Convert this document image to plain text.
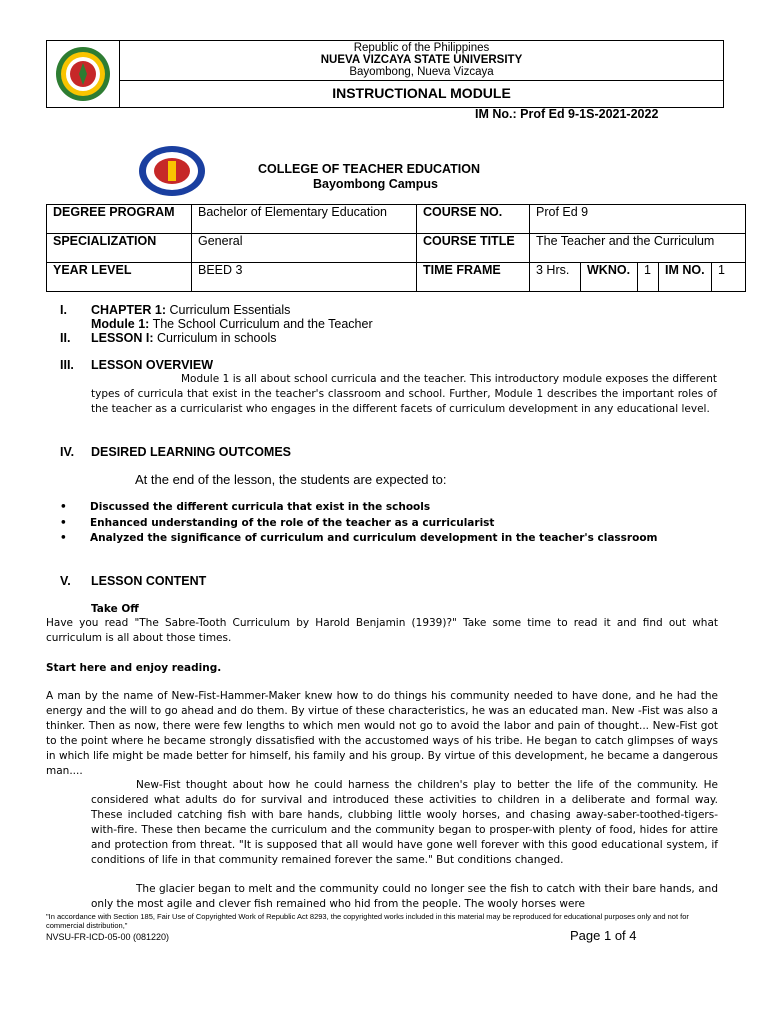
Republic of the Philippines
NUEVA VIZCAYA STATE UNIVERSITY
Bayombong, Nueva Vizcaya
INSTRUCTIONAL MODULE
IM No.: Prof Ed 9-1S-2021-2022
COLLEGE OF TEACHER EDUCATION
Bayombong Campus
DEGREE PROGRAM	Bachelor of Elementary Education	COURSE NO.	Prof Ed 9				
SPECIALIZATION	General	COURSE TITLE	The Teacher and the Curriculum				
YEAR LEVEL	BEED 3	TIME FRAME	3 Hrs.	WKNO.	1	IM NO.	1
I. CHAPTER 1: Curriculum Essentials
Module 1: The School Curriculum and the Teacher
II. LESSON I: Curriculum in schools
III. LESSON OVERVIEW
Module 1 is all about school curricula and the teacher. This introductory module exposes the different types of curricula that exist in the teacher's classroom and school. Further, Module 1 describes the important roles of the teacher as a curricularist who engages in the different facets of curriculum development in any educational level.
IV. DESIRED LEARNING OUTCOMES
At the end of the lesson, the students are expected to:
• Discussed the different curricula that exist in the schools
• Enhanced understanding of the role of the teacher as a curricularist
• Analyzed the significance of curriculum and curriculum development in the teacher's classroom
V. LESSON CONTENT
Take Off
Have you read "The Sabre-Tooth Curriculum by Harold Benjamin (1939)?" Take some time to read it and find out what curriculum is all about those times.
Start here and enjoy reading.
A man by the name of New-Fist-Hammer-Maker knew how to do things his community needed to have done, and he had the energy and the will to go ahead and do them. By virtue of these characteristics, he was an educated man. New -Fist was also a thinker. Then as now, there were few lengths to which men would not go to avoid the labor and pain of thought... New-Fist got to the point where he became strongly dissatisfied with the accustomed ways of his tribe. He began to catch glimpses of ways in which life might be made better for himself, his family and his group. By virtue of this development, he became a dangerous man....
New-Fist thought about how he could harness the children's play to better the life of the community. He considered what adults do for survival and introduced these activities to children in a deliberate and formal way. These included catching fish with bare hands, clubbing little wooly horses, and chasing away-saber-toothed-tigers-with-fire. These then became the curriculum and the community began to prosper-with plenty of food, hides for attire and protection from threat. "It is supposed that all would have gone well forever with this good educational system, if conditions of life in that community remained forever the same." But conditions changed.
The glacier began to melt and the community could no longer see the fish to catch with their bare hands, and only the most agile and clever fish remained who hid from the people. The wooly horses were
"In accordance with Section 185, Fair Use of Copyrighted Work of Republic Act 8293, the copyrighted works included in this material may be reproduced for educational purposes only and not for commercial distribution,"
NVSU-FR-ICD-05-00 (081220)	Page 1 of 4
